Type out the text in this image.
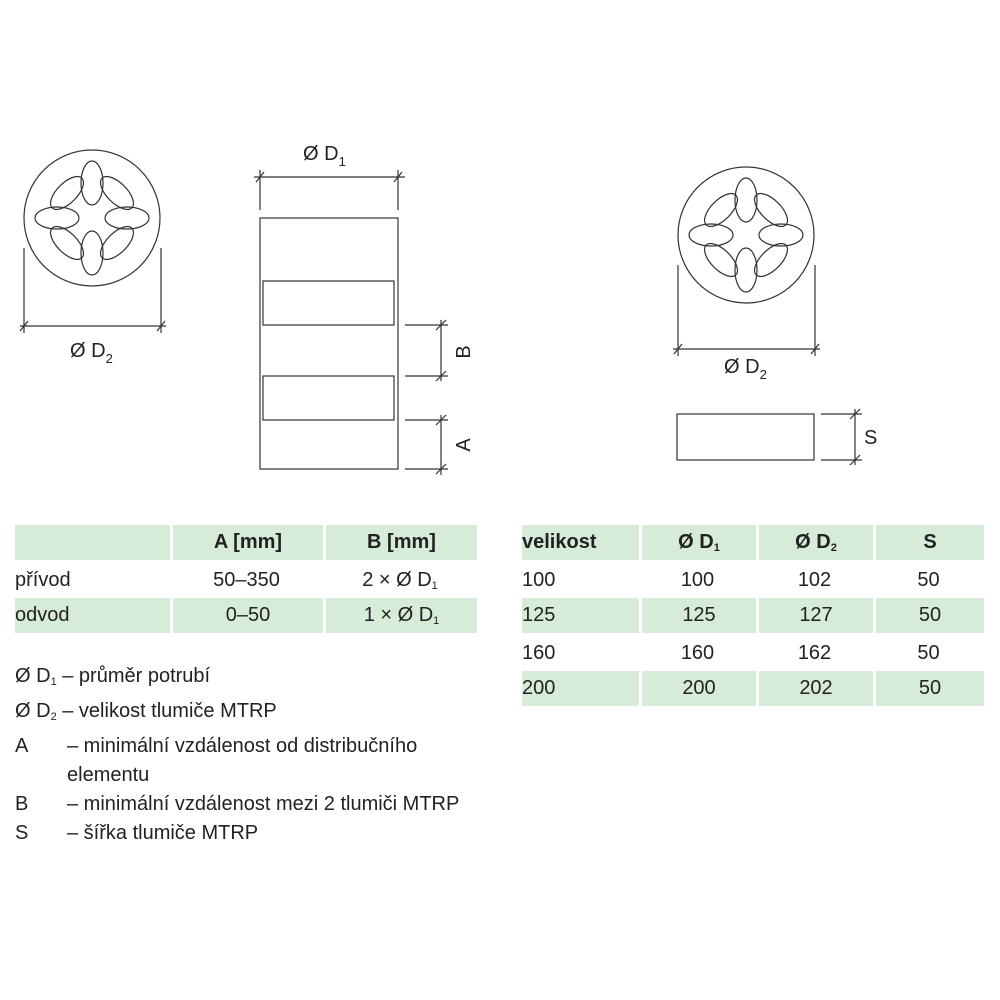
Ø $D_2$
Ø $D_1$
B
A
Ø $D_2$
S
	A [mm]	B [mm]
přívod	50–350	2 × Ø $D_1$
odvod	0–50	1 × Ø $D_1$
velikost	Ø $D_1$	Ø $D_2$	S
100	100	102	50
125	125	127	50
160	160	162	50
200	200	202	50
Ø $D_1$ – průměr potrubí
Ø $D_2$ – velikost tlumiče MTRP
A	– minimální vzdálenost od distribučního elementu
B	– minimální vzdálenost mezi 2 tlumiči MTRP
S	– šířka tlumiče MTRP
